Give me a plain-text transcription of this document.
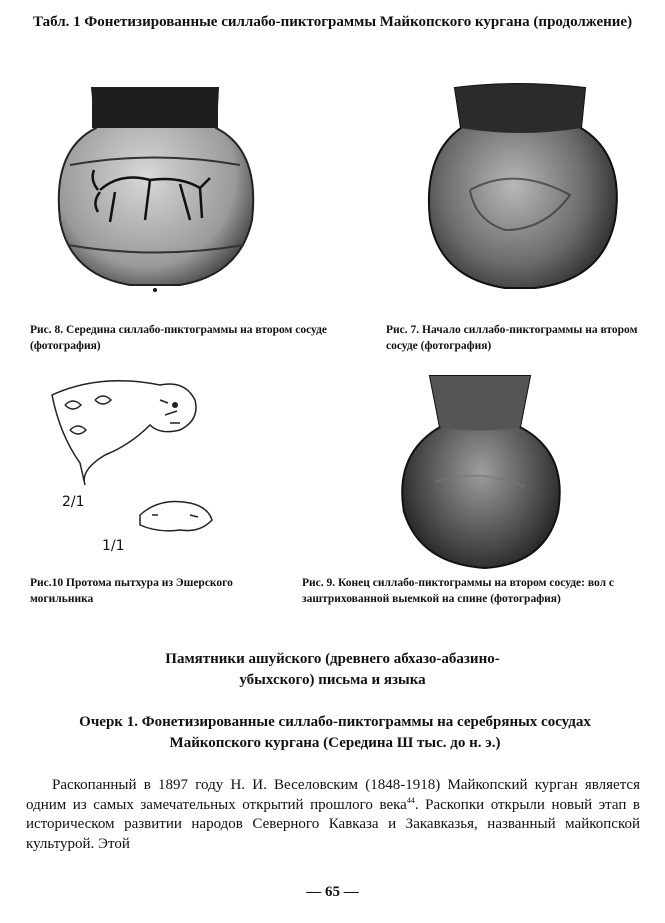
Табл. 1 Фонетизированные силлабо-пиктограммы Майкопского кургана (продолжение)
Рис. 8. Середина силлабо-пиктограммы на втором сосуде (фотография)
Рис. 7. Начало силлабо-пиктограммы на втором сосуде (фотография)
2/1
1/1
Рис.10 Протома пытхура из Эшерского могильника
Рис. 9. Конец силлабо-пиктограммы на втором сосуде: вол с заштрихованной выемкой на спине (фотография)
Памятники ашуйского (древнего абхазо-абазино-убыхского) письма и языка
Очерк 1. Фонетизированные силлабо-пиктограммы на серебряных сосудах Майкопского кургана (Середина Ш тыс. до н. э.)
Раскопанный в 1897 году Н. И. Веселовским (1848-1918) Майкопский курган является одним из самых замечательных открытий прошлого века$^{44}$. Раскопки открыли новый этап в историческом развитии народов Северного Кавказа и Закавказья, названный майкопской культурой. Этой
— 65 —
